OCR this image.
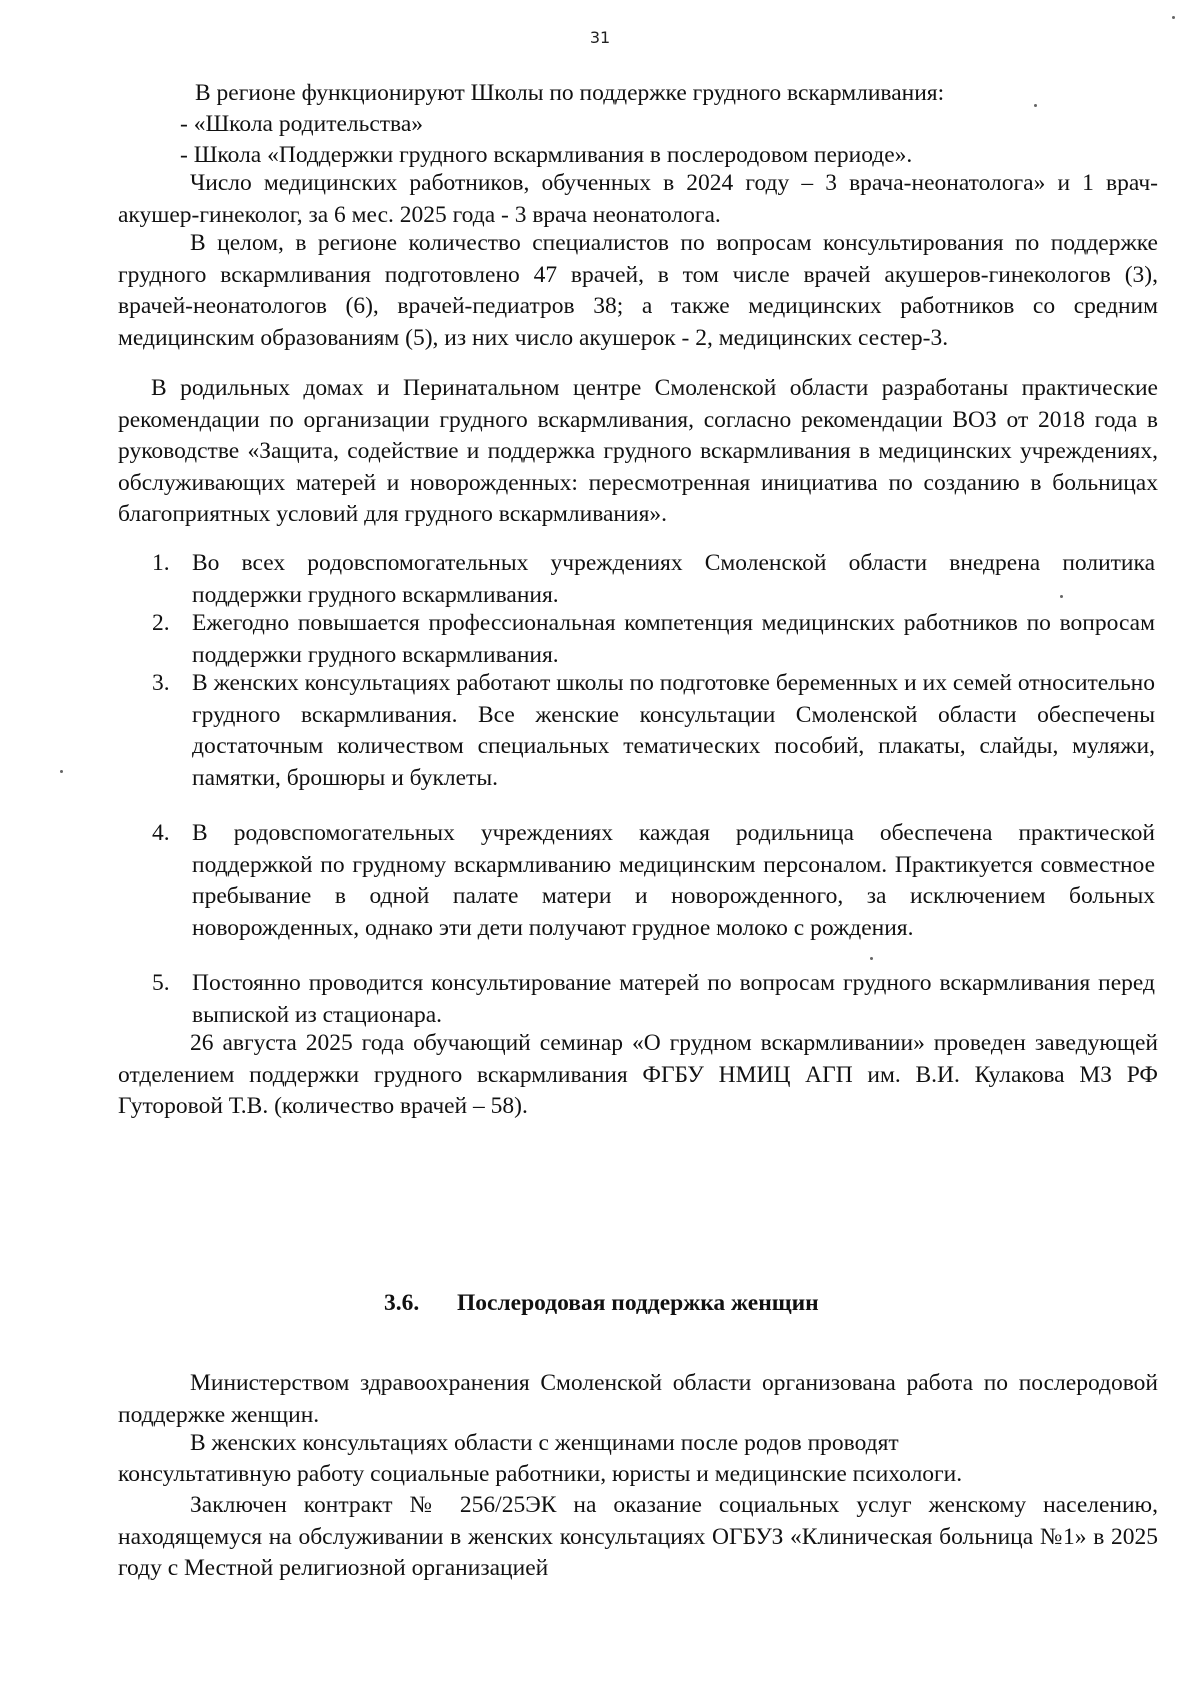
31
В регионе функционируют Школы по поддержке грудного вскармливания:
- «Школа родительства»
- Школа «Поддержки грудного вскармливания в послеродовом периоде».

Число медицинских работников, обученных в 2024 году – 3 врача-неонатолога» и 1 врач-акушер-гинеколог, за 6 мес. 2025 года - 3 врача неонатолога.

В целом, в регионе количество специалистов по вопросам консультирования по поддержке грудного вскармливания подготовлено 47 врачей, в том числе врачей акушеров-гинекологов (3), врачей-неонатологов (6), врачей-педиатров 38; а также медицинских работников со средним медицинским образованиям (5), из них число акушерок - 2, медицинских сестер-3.

В родильных домах и Перинатальном центре Смоленской области разработаны практические рекомендации по организации грудного вскармливания, согласно рекомендации ВОЗ от 2018 года в руководстве «Защита, содействие и поддержка грудного вскармливания в медицинских учреждениях, обслуживающих матерей и новорожденных: пересмотренная инициатива по созданию в больницах благоприятных условий для грудного вскармливания».

1. Во всех родовспомогательных учреждениях Смоленской области внедрена политика поддержки грудного вскармливания.

2. Ежегодно повышается профессиональная компетенция медицинских работников по вопросам поддержки грудного вскармливания.

3. В женских консультациях работают школы по подготовке беременных и их семей относительно грудного вскармливания. Все женские консультации Смоленской области обеспечены достаточным количеством специальных тематических пособий, плакаты, слайды, муляжи, памятки, брошюры и буклеты.

4. В родовспомогательных учреждениях каждая родильница обеспечена практической поддержкой по грудному вскармливанию медицинским персоналом. Практикуется совместное пребывание в одной палате матери и новорожденного, за исключением больных новорожденных, однако эти дети получают грудное молоко с рождения.

5. Постоянно проводится консультирование матерей по вопросам грудного вскармливания перед выпиской из стационара.

26 августа 2025 года обучающий семинар «О грудном вскармливании» проведен заведующей отделением поддержки грудного вскармливания ФГБУ НМИЦ АГП им. В.И. Кулакова МЗ РФ Гуторовой Т.В. (количество врачей – 58).

3.6. Послеродовая поддержка женщин

Министерством здравоохранения Смоленской области организована работа по послеродовой поддержке женщин.

В женских консультациях области с женщинами после родов проводят
консультативную работу социальные работники, юристы и медицинские психологи.

Заключен контракт № 256/25ЭК на оказание социальных услуг женскому населению, находящемуся на обслуживании в женских консультациях ОГБУЗ «Клиническая больница №1» в 2025 году с Местной религиозной организацией
